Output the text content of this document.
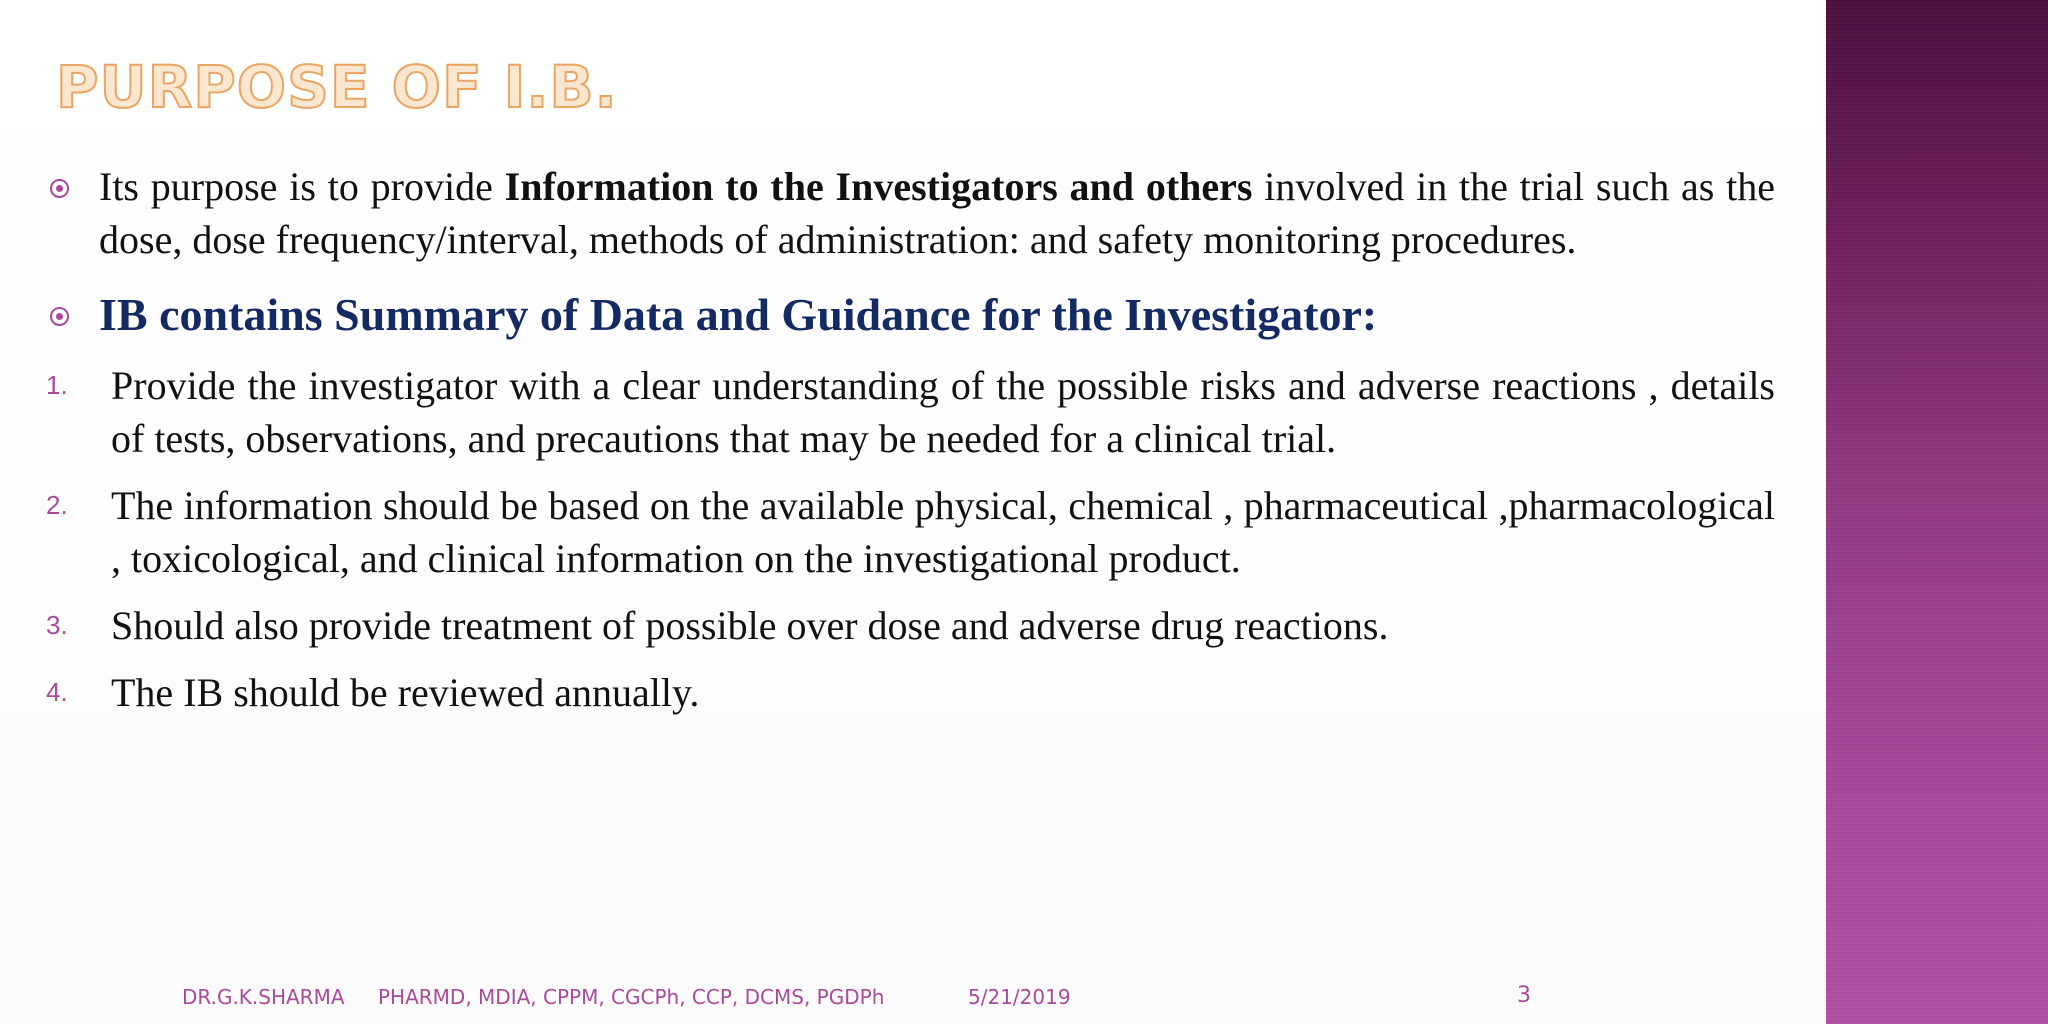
PURPOSE OF I.B.
Its purpose is to provide Information to the Investigators and others involved in the trial such as the dose, dose frequency/interval, methods of administration: and safety monitoring procedures.
IB contains Summary of Data and Guidance for the Investigator:
1. Provide the investigator with a clear understanding of the possible risks and adverse reactions , details of tests, observations, and precautions that may be needed for a clinical trial.
2. The information should be based on the available physical, chemical , pharmaceutical ,pharmacological , toxicological, and clinical information on the investigational product.
3. Should also provide treatment of possible over dose and adverse drug reactions.
4. The IB should be reviewed annually.
DR.G.K.SHARMA PHARMD, MDIA, CPPM, CGCPh, CCP, DCMS, PGDPh	5/21/2019	3
